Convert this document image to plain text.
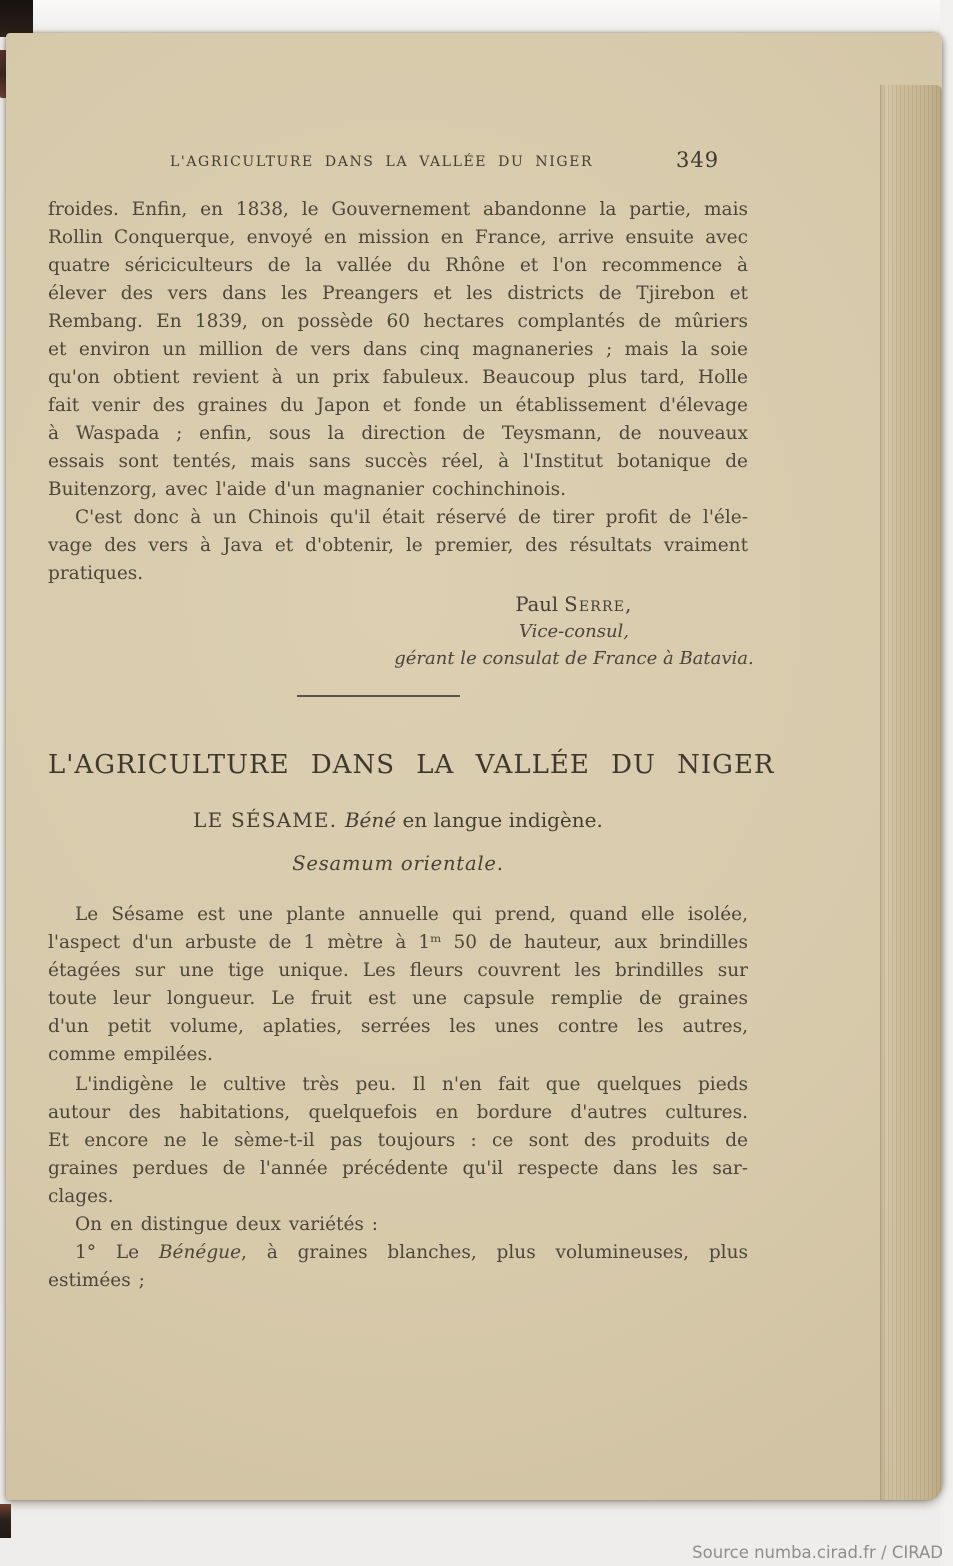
L'AGRICULTURE DANS LA VALLÉE DU NIGER	349
froides. Enfin, en 1838, le Gouvernement abandonne la partie, mais
Rollin Conquerque, envoyé en mission en France, arrive ensuite avec
quatre sériciculteurs de la vallée du Rhône et l'on recommence à
élever des vers dans les Preangers et les districts de Tjirebon et
Rembang. En 1839, on possède 60 hectares complantés de mûriers
et environ un million de vers dans cinq magnaneries ; mais la soie
qu'on obtient revient à un prix fabuleux. Beaucoup plus tard, Holle
fait venir des graines du Japon et fonde un établissement d'élevage
à Waspada ; enfin, sous la direction de Teysmann, de nouveaux
essais sont tentés, mais sans succès réel, à l'Institut botanique de
Buitenzorg, avec l'aide d'un magnanier cochinchinois.
C'est donc à un Chinois qu'il était réservé de tirer profit de l'éle-
vage des vers à Java et d'obtenir, le premier, des résultats vraiment
pratiques.
Paul Serre,
Vice-consul,
gérant le consulat de France à Batavia.
L'AGRICULTURE DANS LA VALLÉE DU NIGER
LE SÉSAME. Béné en langue indigène.
Sesamum orientale.
Le Sésame est une plante annuelle qui prend, quand elle isolée,
l'aspect d'un arbuste de 1 mètre à 1ᵐ 50 de hauteur, aux brindilles
étagées sur une tige unique. Les fleurs couvrent les brindilles sur
toute leur longueur. Le fruit est une capsule remplie de graines
d'un petit volume, aplaties, serrées les unes contre les autres,
comme empilées.
L'indigène le cultive très peu. Il n'en fait que quelques pieds
autour des habitations, quelquefois en bordure d'autres cultures.
Et encore ne le sème-t-il pas toujours : ce sont des produits de
graines perdues de l'année précédente qu'il respecte dans les sar-
clages.
On en distingue deux variétés :
1° Le Bénégue, à graines blanches, plus volumineuses, plus
estimées ;
Source numba.cirad.fr / CIRAD
